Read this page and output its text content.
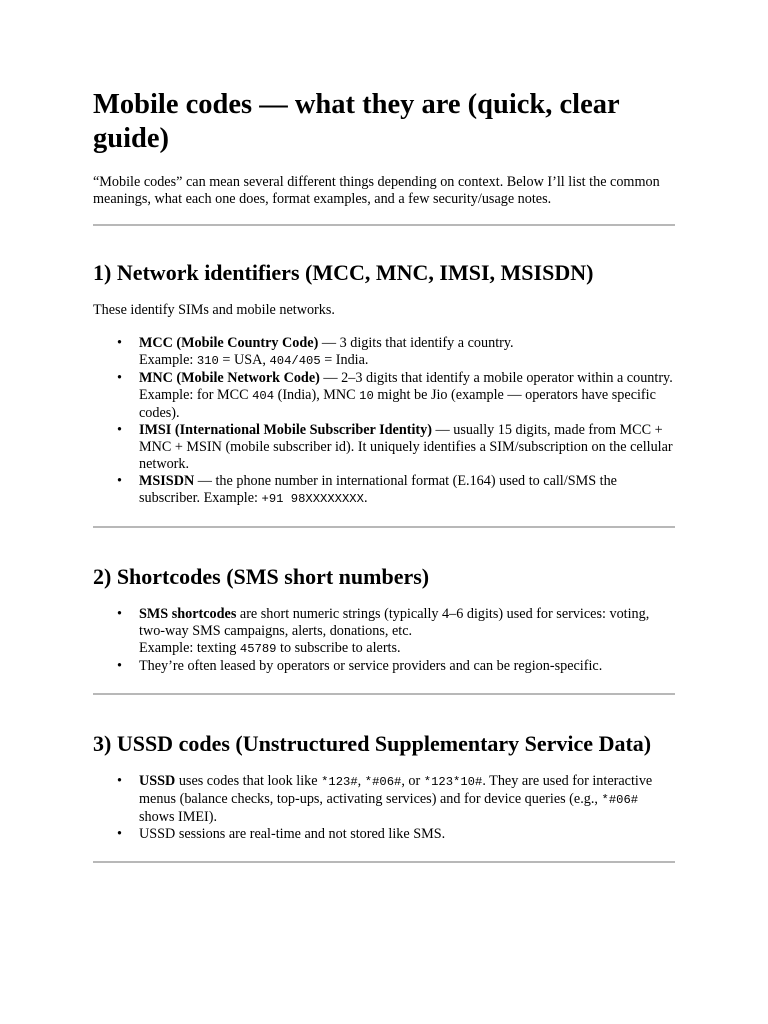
Mobile codes — what they are (quick, clear guide)

“Mobile codes” can mean several different things depending on context. Below I’ll list the common meanings, what each one does, format examples, and a few security/usage notes.

1) Network identifiers (MCC, MNC, IMSI, MSISDN)

These identify SIMs and mobile networks.

• MCC (Mobile Country Code) — 3 digits that identify a country.
Example: 310 = USA, 404/405 = India.
• MNC (Mobile Network Code) — 2–3 digits that identify a mobile operator within a country.
Example: for MCC 404 (India), MNC 10 might be Jio (example — operators have specific codes).
• IMSI (International Mobile Subscriber Identity) — usually 15 digits, made from MCC + MNC + MSIN (mobile subscriber id). It uniquely identifies a SIM/subscription on the cellular network.
• MSISDN — the phone number in international format (E.164) used to call/SMS the subscriber. Example: +91 98XXXXXXXX.
2) Shortcodes (SMS short numbers)
• SMS shortcodes are short numeric strings (typically 4–6 digits) used for services: voting, two-way SMS campaigns, alerts, donations, etc.
Example: texting 45789 to subscribe to alerts.
• They’re often leased by operators or service providers and can be region-specific.
3) USSD codes (Unstructured Supplementary Service Data)
• USSD uses codes that look like *123#, *#06#, or *123*10#. They are used for interactive menus (balance checks, top-ups, activating services) and for device queries (e.g., *#06# shows IMEI).
• USSD sessions are real-time and not stored like SMS.
